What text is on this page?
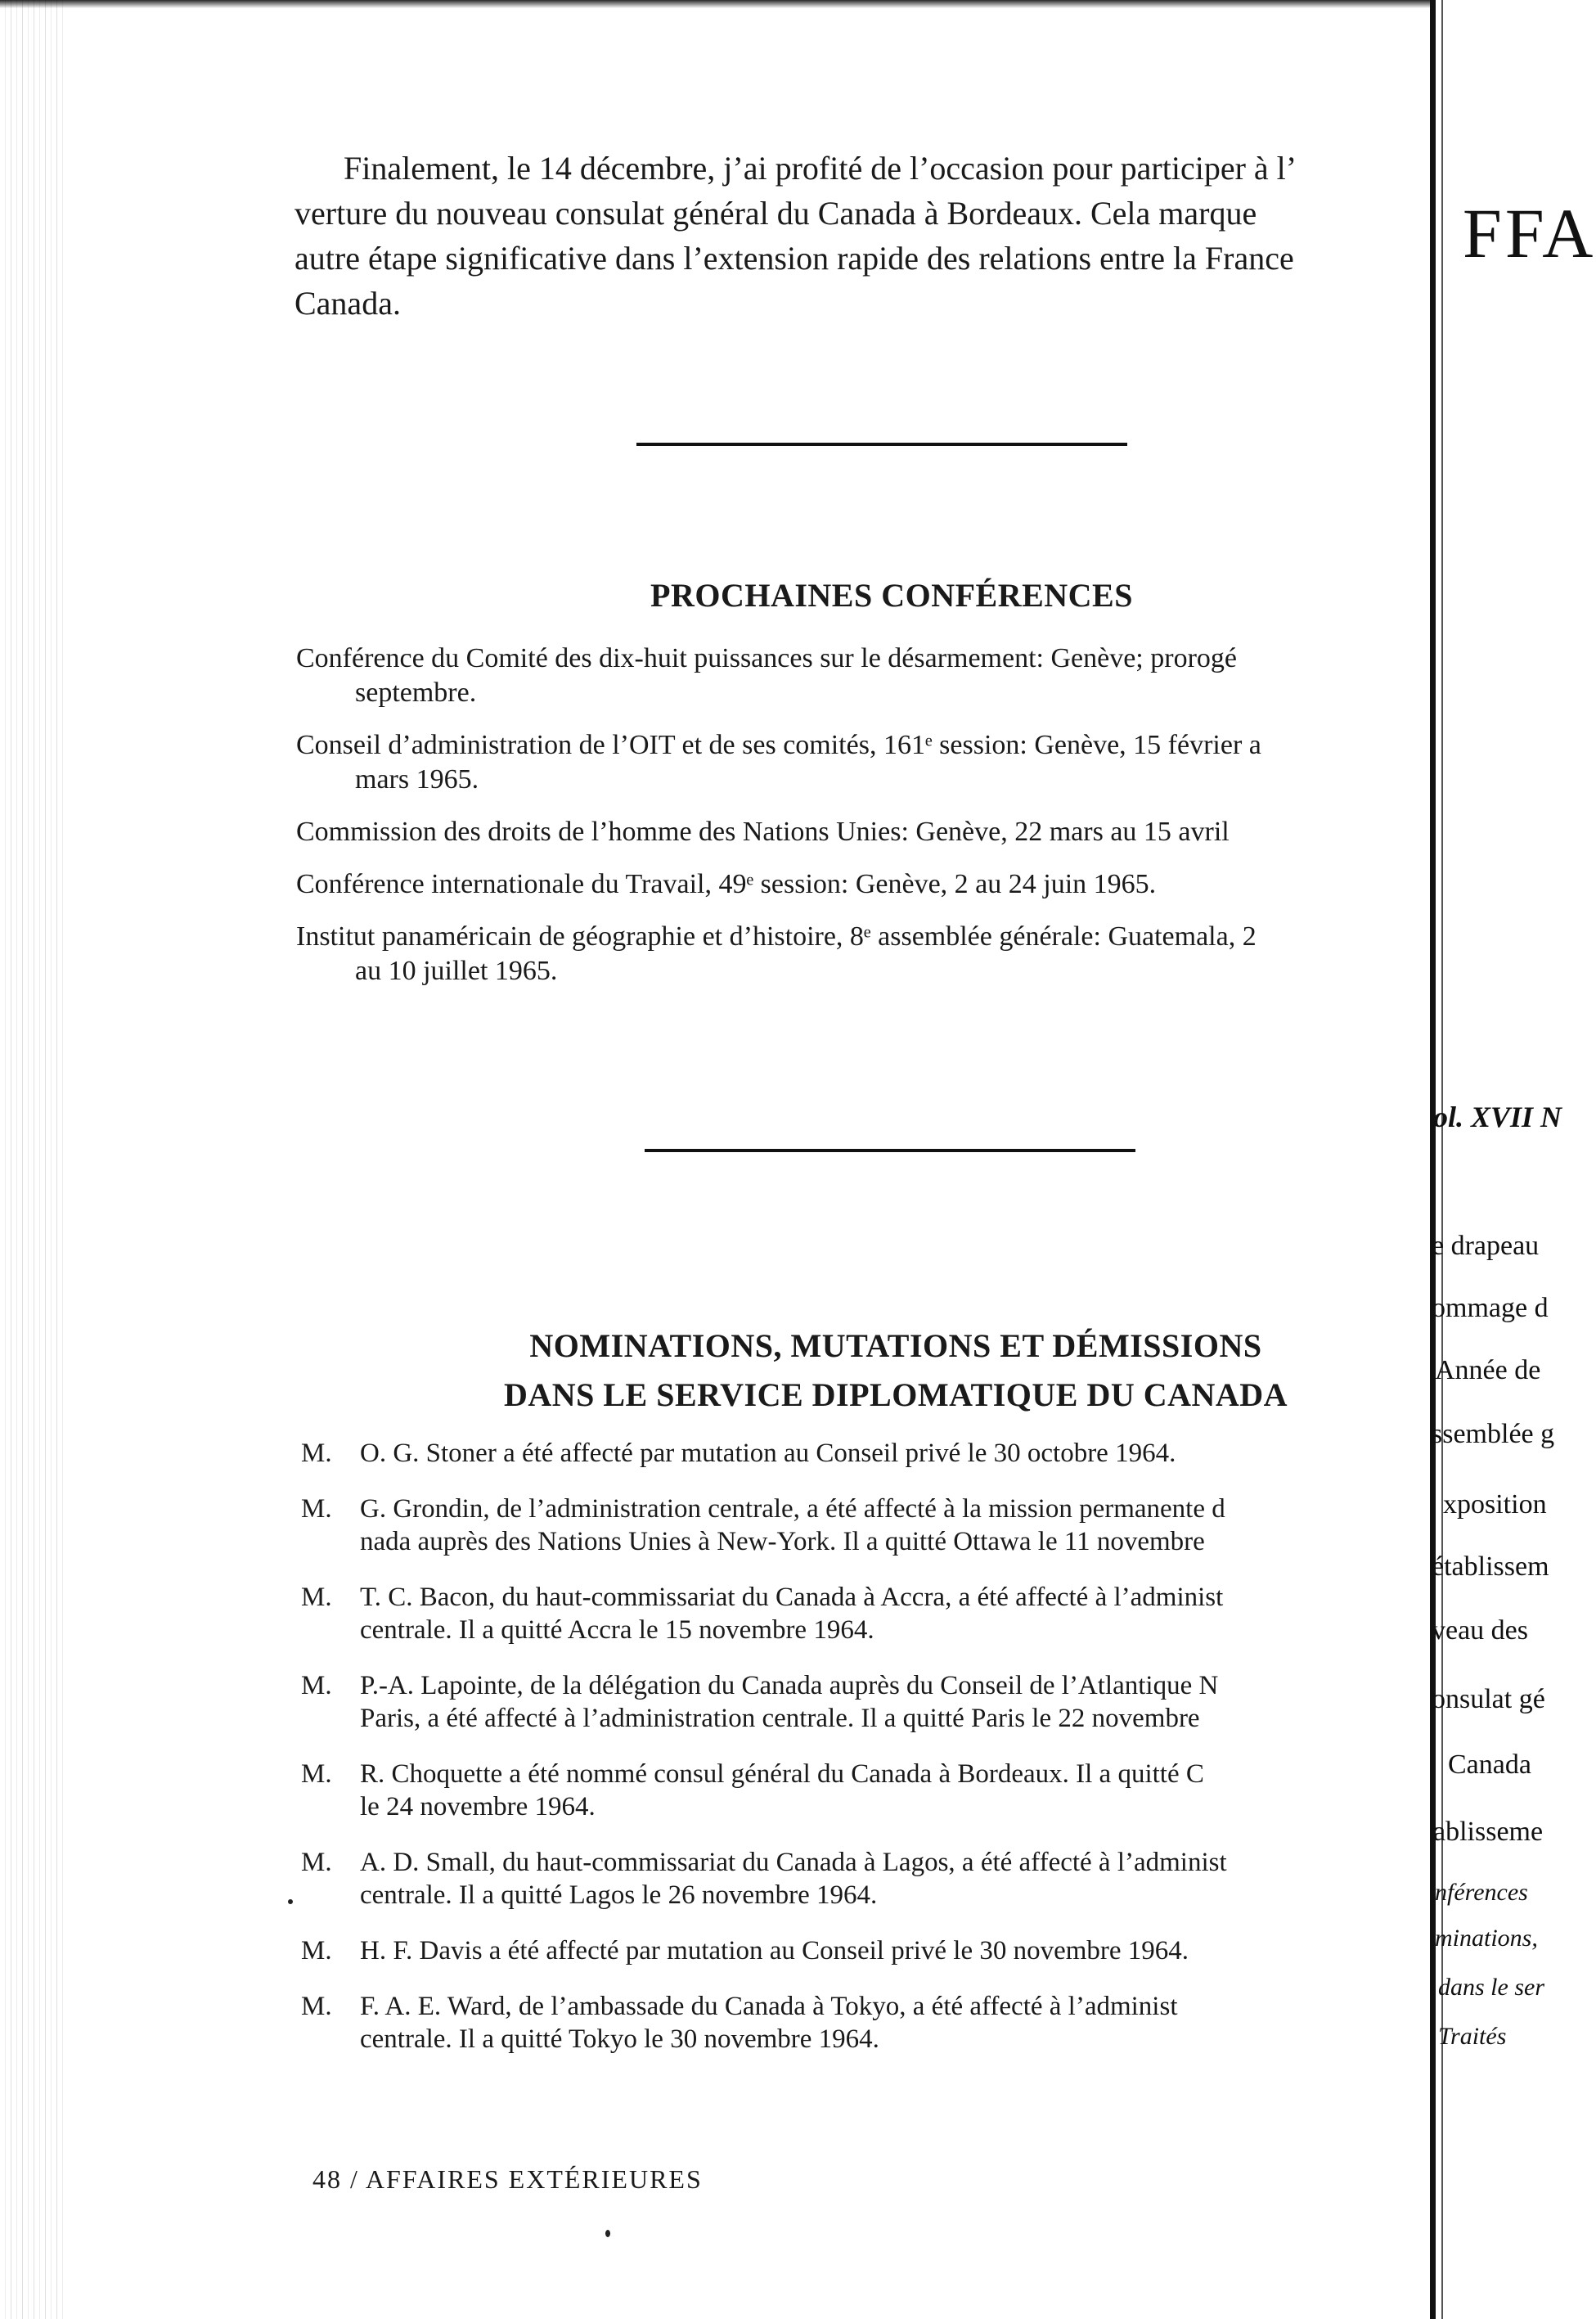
Finalement, le 14 décembre, j’ai profité de l’occasion pour participer à l’
verture du nouveau consulat général du Canada à Bordeaux. Cela marque
autre étape significative dans l’extension rapide des relations entre la France
Canada.

PROCHAINES CONFÉRENCES
Conférence du Comité des dix-huit puissances sur le désarmement: Genève; prorogé
septembre.
Conseil d’administration de l’OIT et de ses comités, 161ᵉ session: Genève, 15 février a
mars 1965.
Commission des droits de l’homme des Nations Unies: Genève, 22 mars au 15 avril
Conférence internationale du Travail, 49ᵉ session: Genève, 2 au 24 juin 1965.
Institut panaméricain de géographie et d’histoire, 8ᵉ assemblée générale: Guatemala, 2
au 10 juillet 1965.
NOMINATIONS, MUTATIONS ET DÉMISSIONS
DANS LE SERVICE DIPLOMATIQUE DU CANADA
M. O. G. Stoner a été affecté par mutation au Conseil privé le 30 octobre 1964.
M. G. Grondin, de l’administration centrale, a été affecté à la mission permanente d
nada auprès des Nations Unies à New-York. Il a quitté Ottawa le 11 novembre
M. T. C. Bacon, du haut-commissariat du Canada à Accra, a été affecté à l’administ
centrale. Il a quitté Accra le 15 novembre 1964.
M. P.-A. Lapointe, de la délégation du Canada auprès du Conseil de l’Atlantique N
Paris, a été affecté à l’administration centrale. Il a quitté Paris le 22 novembre
M. R. Choquette a été nommé consul général du Canada à Bordeaux. Il a quitté C
le 24 novembre 1964.
M. A. D. Small, du haut-commissariat du Canada à Lagos, a été affecté à l’administ
centrale. Il a quitté Lagos le 26 novembre 1964.
M. H. F. Davis a été affecté par mutation au Conseil privé le 30 novembre 1964.
M. F. A. E. Ward, de l’ambassade du Canada à Tokyo, a été affecté à l’administ
centrale. Il a quitté Tokyo le 30 novembre 1964.
48 / AFFAIRES EXTÉRIEURES
FFA
ol. XVII N
e drapeau
ommage d
Année de
ssemblée g
xposition
établissem
veau des
onsulat gé
Canada
ablisseme
nférences
minations,
dans le ser
Traités
